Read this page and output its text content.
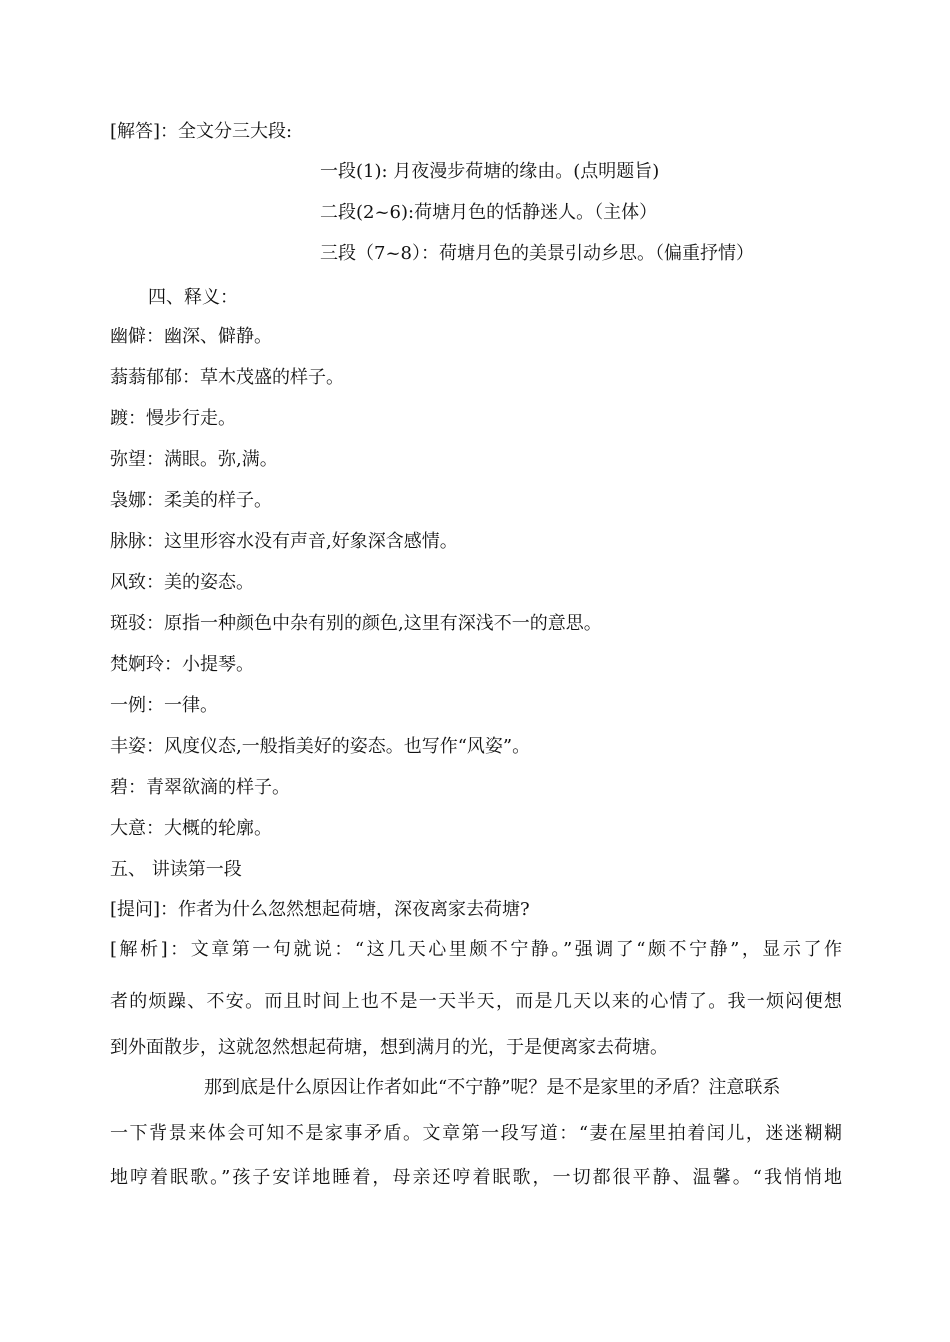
[解答]：全文分三大段:
一段(1): 月夜漫步荷塘的缘由。(点明题旨)
二段(2~6):荷塘月色的恬静迷人。（主体）
三段（7~8）：荷塘月色的美景引动乡思。（偏重抒情）
四、释义：
幽僻：幽深、僻静。
蓊蓊郁郁：草木茂盛的样子。
踱：慢步行走。
弥望：满眼。弥,满。
袅娜：柔美的样子。
脉脉：这里形容水没有声音,好象深含感情。
风致：美的姿态。
斑驳：原指一种颜色中杂有别的颜色,这里有深浅不一的意思。
梵婀玲：小提琴。
一例：一律。
丰姿：风度仪态,一般指美好的姿态。也写作“风姿”。
碧：青翠欲滴的样子。
大意：大概的轮廓。
五、 讲读第一段
[提问]：作者为什么忽然想起荷塘，深夜离家去荷塘?
[解析]：文章第一句就说：“这几天心里颇不宁静。”强调了“颇不宁静”，显示了作
者的烦躁、不安。而且时间上也不是一天半天，而是几天以来的心情了。我一烦闷便想
到外面散步，这就忽然想起荷塘，想到满月的光，于是便离家去荷塘。
那到底是什么原因让作者如此“不宁静”呢？是不是家里的矛盾？注意联系
一下背景来体会可知不是家事矛盾。文章第一段写道：“妻在屋里拍着闰儿，迷迷糊糊
地哼着眠歌。”孩子安详地睡着，母亲还哼着眠歌，一切都很平静、温馨。“我悄悄地
